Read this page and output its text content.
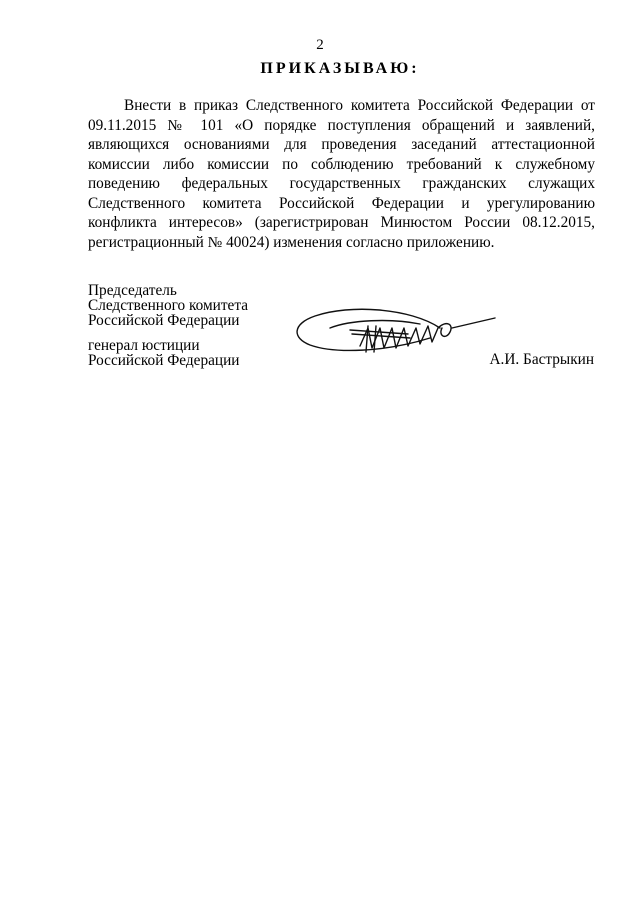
2
ПРИКАЗЫВАЮ:

Внести в приказ Следственного комитета Российской Федерации от 09.11.2015 № 101 «О порядке поступления обращений и заявлений, являющихся основаниями для проведения заседаний аттестационной комиссии либо комиссии по соблюдению требований к служебному поведению федеральных государственных гражданских служащих Следственного комитета Российской Федерации и урегулированию конфликта интересов» (зарегистрирован Минюстом России 08.12.2015, регистрационный № 40024) изменения согласно приложению.

Председатель
Следственного комитета
Российской Федерации
генерал юстиции
Российской Федерации	А.И. Бастрыкин
